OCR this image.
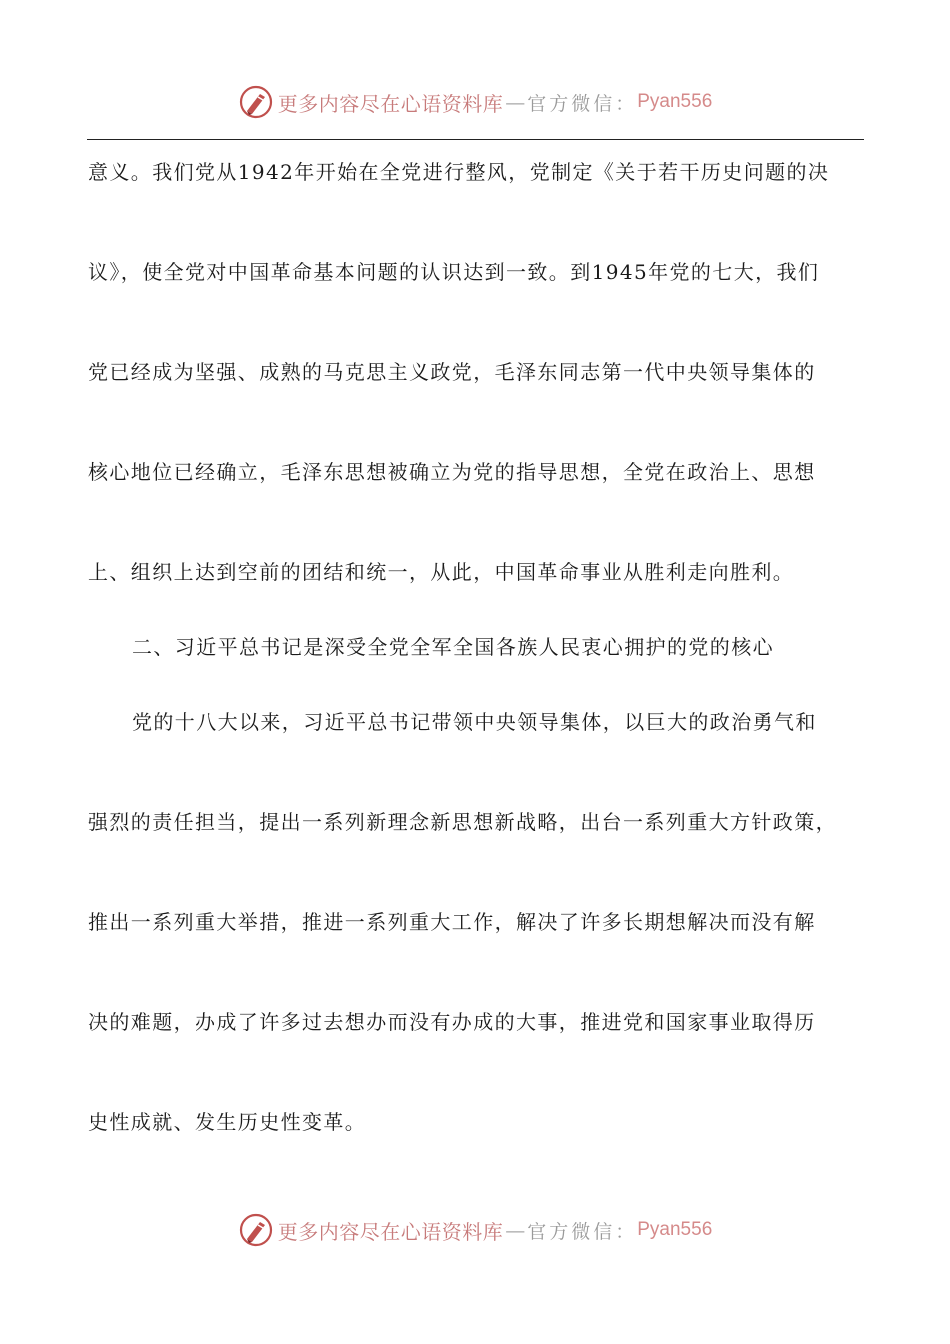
更多内容尽在心语资料库 — 官方微信： Pyan556
意义。我们党从1942年开始在全党进行整风，党制定《关于若干历史问题的决
议》，使全党对中国革命基本问题的认识达到一致。到1945年党的七大，我们
党已经成为坚强、成熟的马克思主义政党，毛泽东同志第一代中央领导集体的
核心地位已经确立，毛泽东思想被确立为党的指导思想，全党在政治上、思想
上、组织上达到空前的团结和统一，从此，中国革命事业从胜利走向胜利。
二、习近平总书记是深受全党全军全国各族人民衷心拥护的党的核心
党的十八大以来，习近平总书记带领中央领导集体，以巨大的政治勇气和
强烈的责任担当，提出一系列新理念新思想新战略，出台一系列重大方针政策，
推出一系列重大举措，推进一系列重大工作，解决了许多长期想解决而没有解
决的难题，办成了许多过去想办而没有办成的大事，推进党和国家事业取得历
史性成就、发生历史性变革。
更多内容尽在心语资料库 — 官方微信： Pyan556
